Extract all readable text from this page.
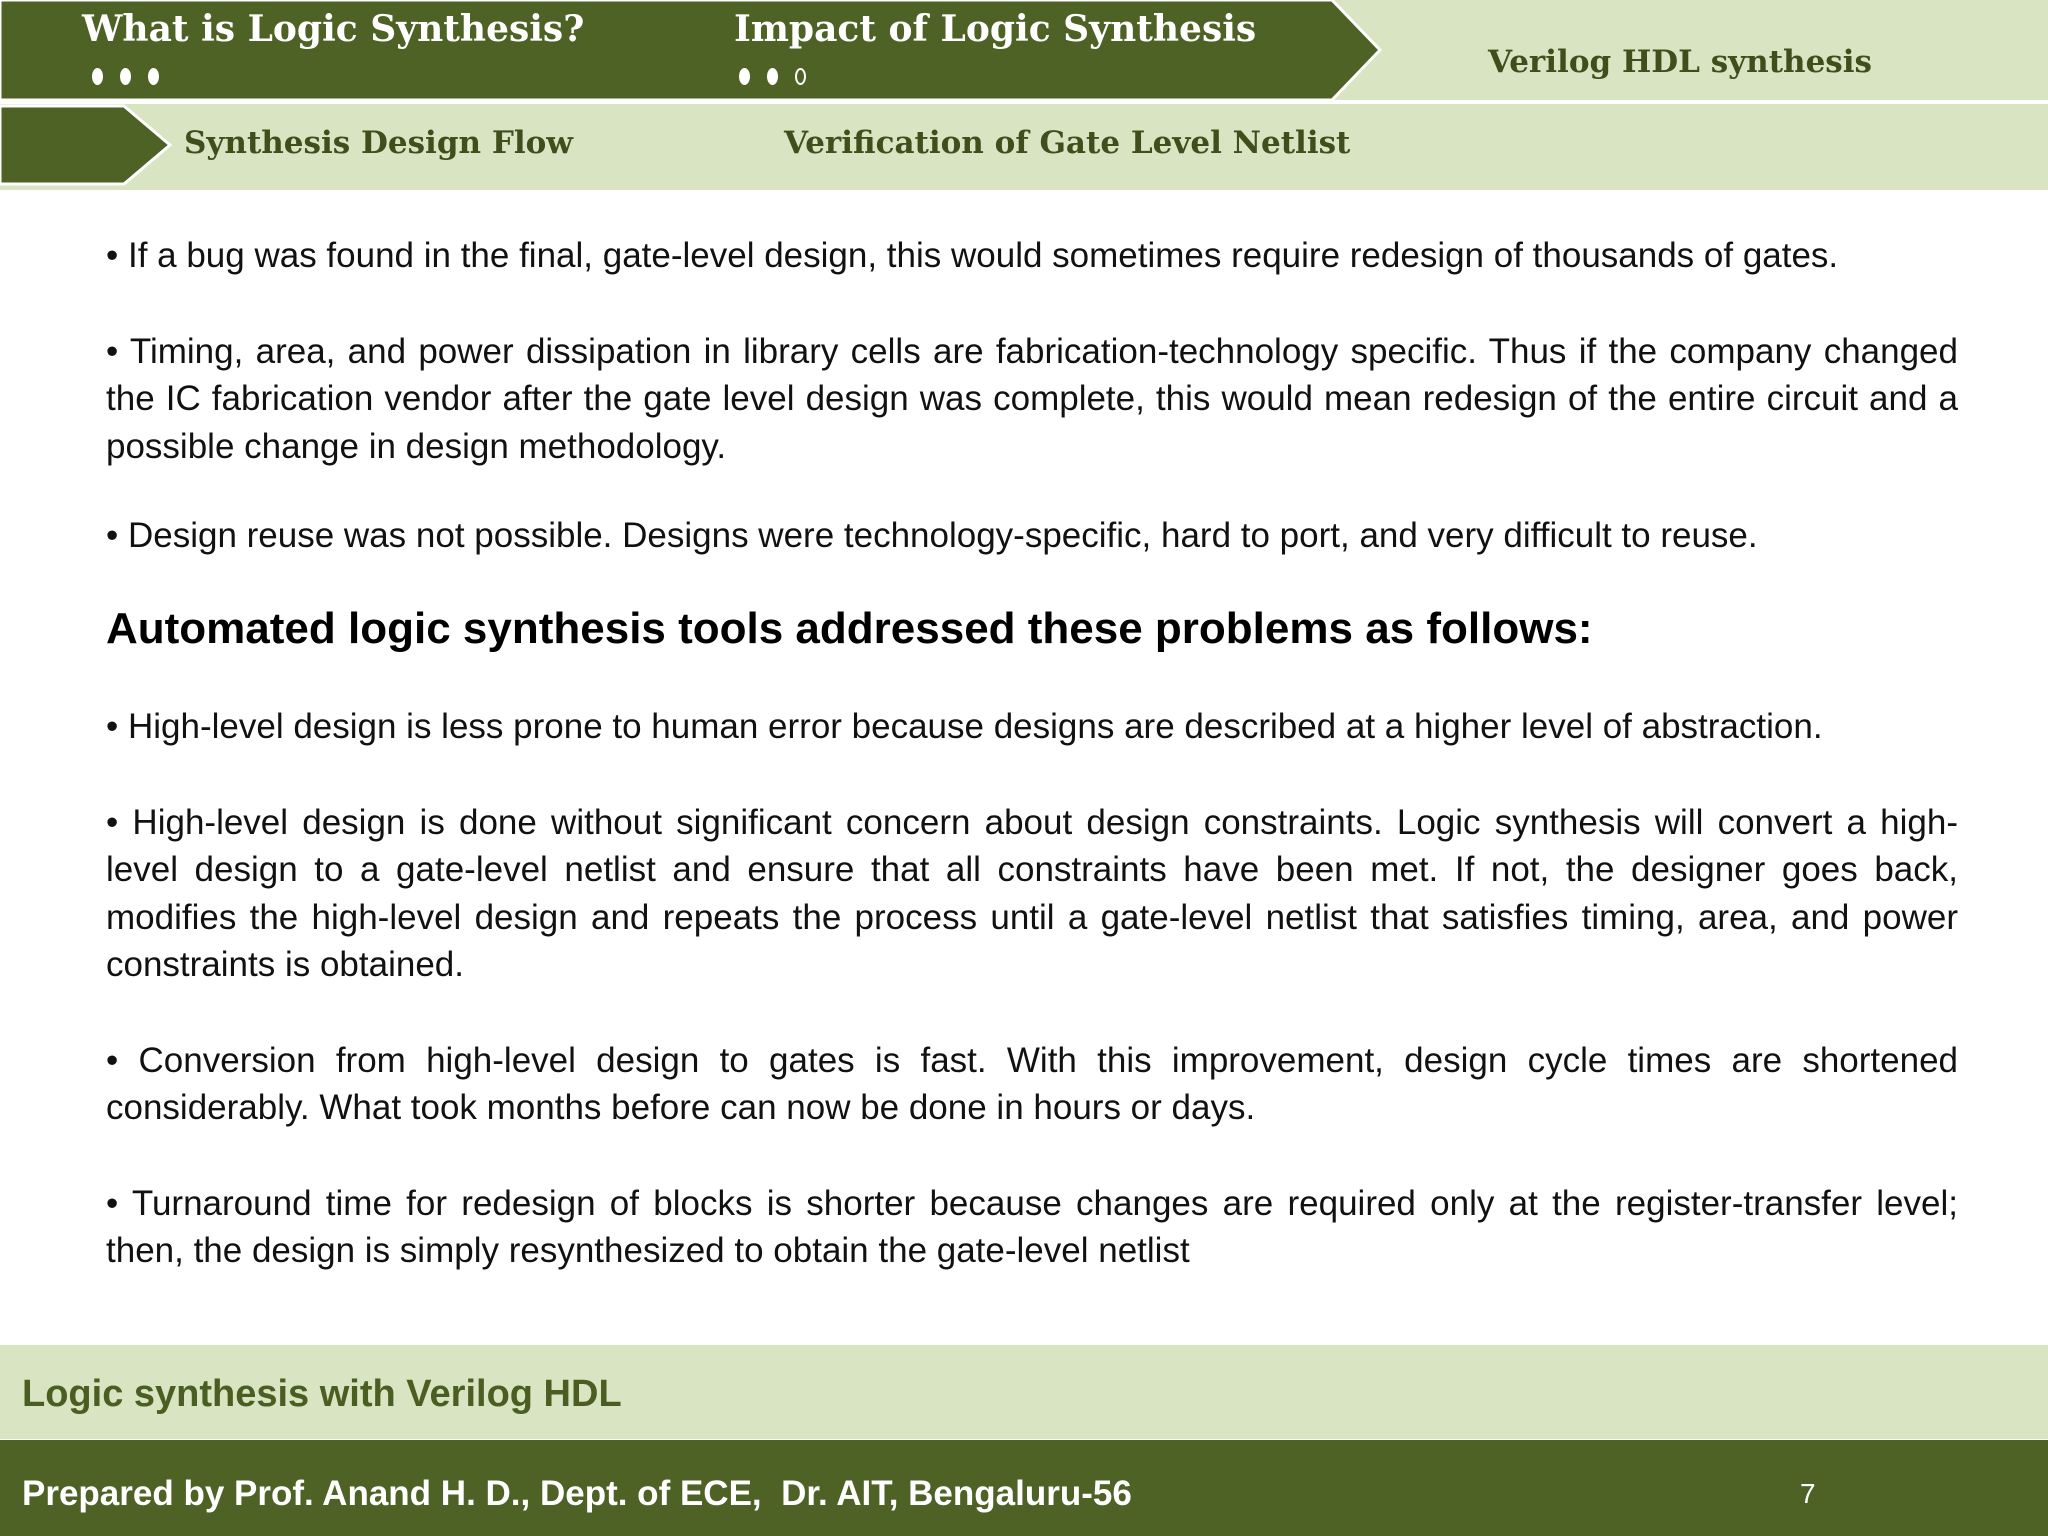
What is Logic Synthesis?	Impact of Logic Synthesis
Verilog HDL synthesis
Synthesis Design Flow	Verification of Gate Level Netlist

• If a bug was found in the final, gate-level design, this would sometimes require redesign of thousands of gates.

• Timing, area, and power dissipation in library cells are fabrication-technology specific. Thus if the company changed the IC fabrication vendor after the gate level design was complete, this would mean redesign of the entire circuit and a possible change in design methodology.

• Design reuse was not possible. Designs were technology-specific, hard to port, and very difficult to reuse.

Automated logic synthesis tools addressed these problems as follows:

• High-level design is less prone to human error because designs are described at a higher level of abstraction.

• High-level design is done without significant concern about design constraints. Logic synthesis will convert a high-level design to a gate-level netlist and ensure that all constraints have been met. If not, the designer goes back, modifies the high-level design and repeats the process until a gate-level netlist that satisfies timing, area, and power constraints is obtained.

• Conversion from high-level design to gates is fast. With this improvement, design cycle times are shortened considerably. What took months before can now be done in hours or days.

• Turnaround time for redesign of blocks is shorter because changes are required only at the register-transfer level; then, the design is simply resynthesized to obtain the gate-level netlist

Logic synthesis with Verilog HDL
Prepared by Prof. Anand H. D., Dept. of ECE,  Dr. AIT, Bengaluru-56	7
